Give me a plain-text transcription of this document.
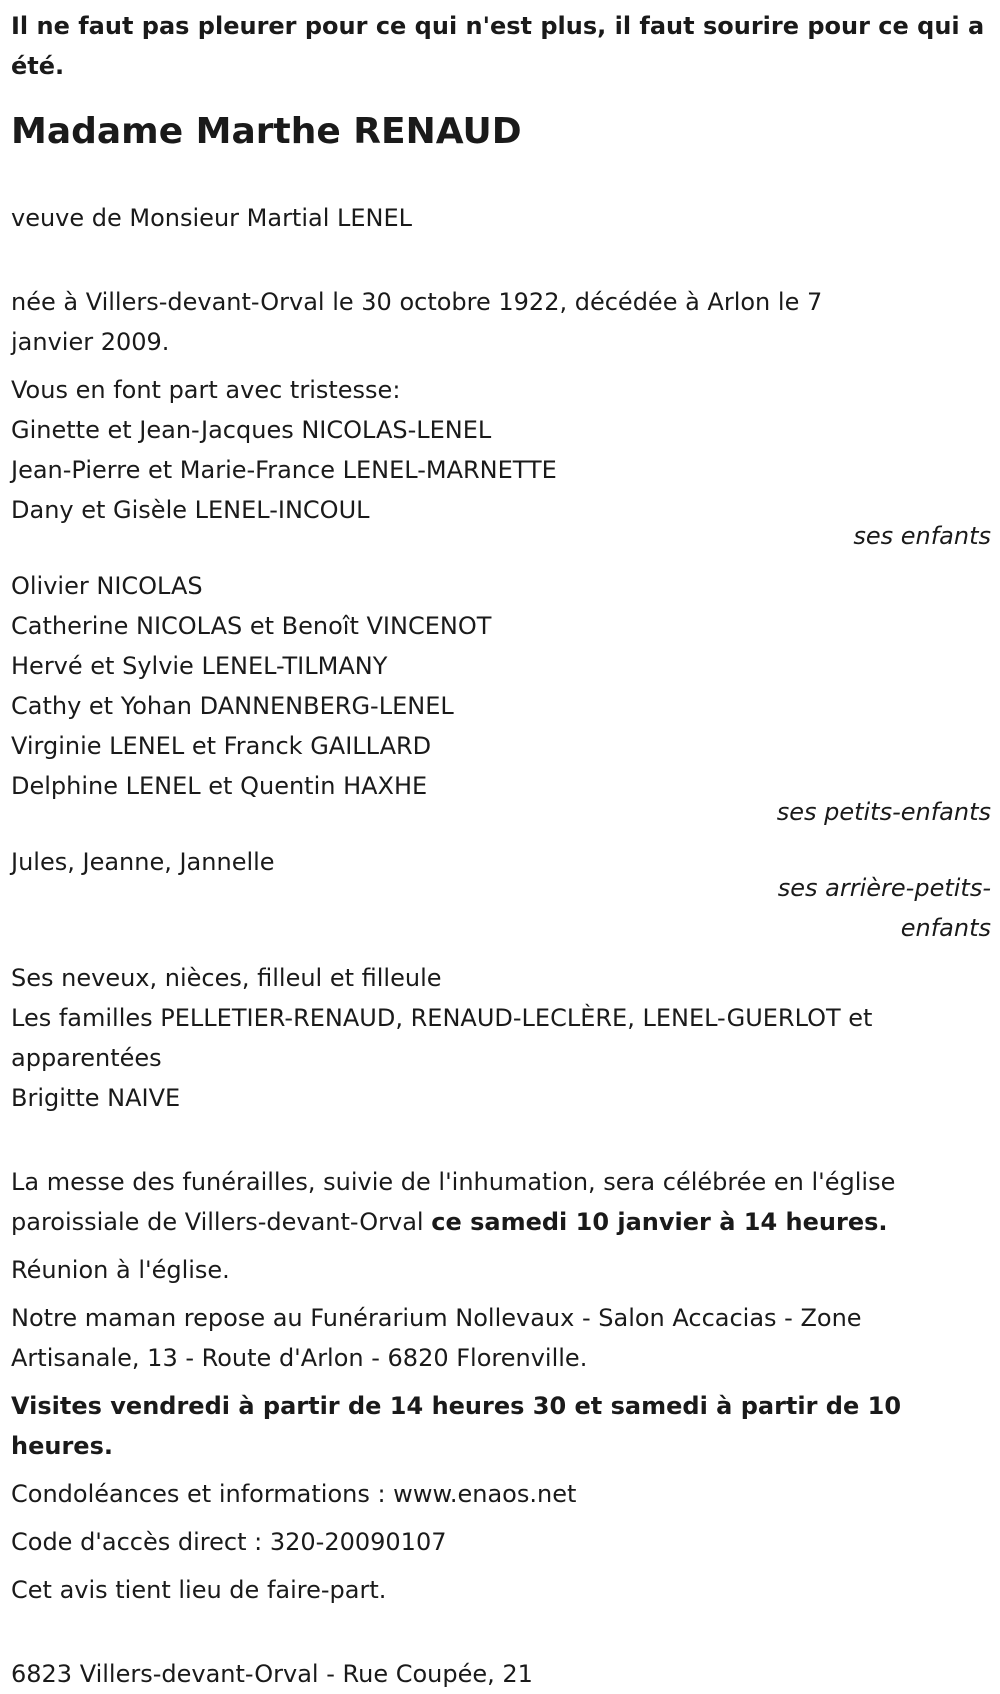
Il ne faut pas pleurer pour ce qui n'est plus, il faut sourire pour ce qui a été.
Madame Marthe RENAUD
veuve de Monsieur Martial LENEL
née à Villers-devant-Orval le 30 octobre 1922, décédée à Arlon le 7 janvier 2009.
Vous en font part avec tristesse:
Ginette et Jean-Jacques NICOLAS-LENEL
Jean-Pierre et Marie-France LENEL-MARNETTE
Dany et Gisèle LENEL-INCOUL
ses enfants
Olivier NICOLAS
Catherine NICOLAS et Benoît VINCENOT
Hervé et Sylvie LENEL-TILMANY
Cathy et Yohan DANNENBERG-LENEL
Virginie LENEL et Franck GAILLARD
Delphine LENEL et Quentin HAXHE
ses petits-enfants
Jules, Jeanne, Jannelle
ses arrière-petits-
enfants
Ses neveux, nièces, filleul et filleule
Les familles PELLETIER-RENAUD, RENAUD-LECLÈRE, LENEL-GUERLOT et apparentées
Brigitte NAIVE
La messe des funérailles, suivie de l'inhumation, sera célébrée en l'église paroissiale de Villers-devant-Orval ce samedi 10 janvier à 14 heures.
Réunion à l'église.
Notre maman repose au Funérarium Nollevaux - Salon Accacias - Zone Artisanale, 13 - Route d'Arlon - 6820 Florenville.
Visites vendredi à partir de 14 heures 30 et samedi à partir de 10 heures.
Condoléances et informations : www.enaos.net
Code d'accès direct : 320-20090107
Cet avis tient lieu de faire-part.
6823 Villers-devant-Orval - Rue Coupée, 21
